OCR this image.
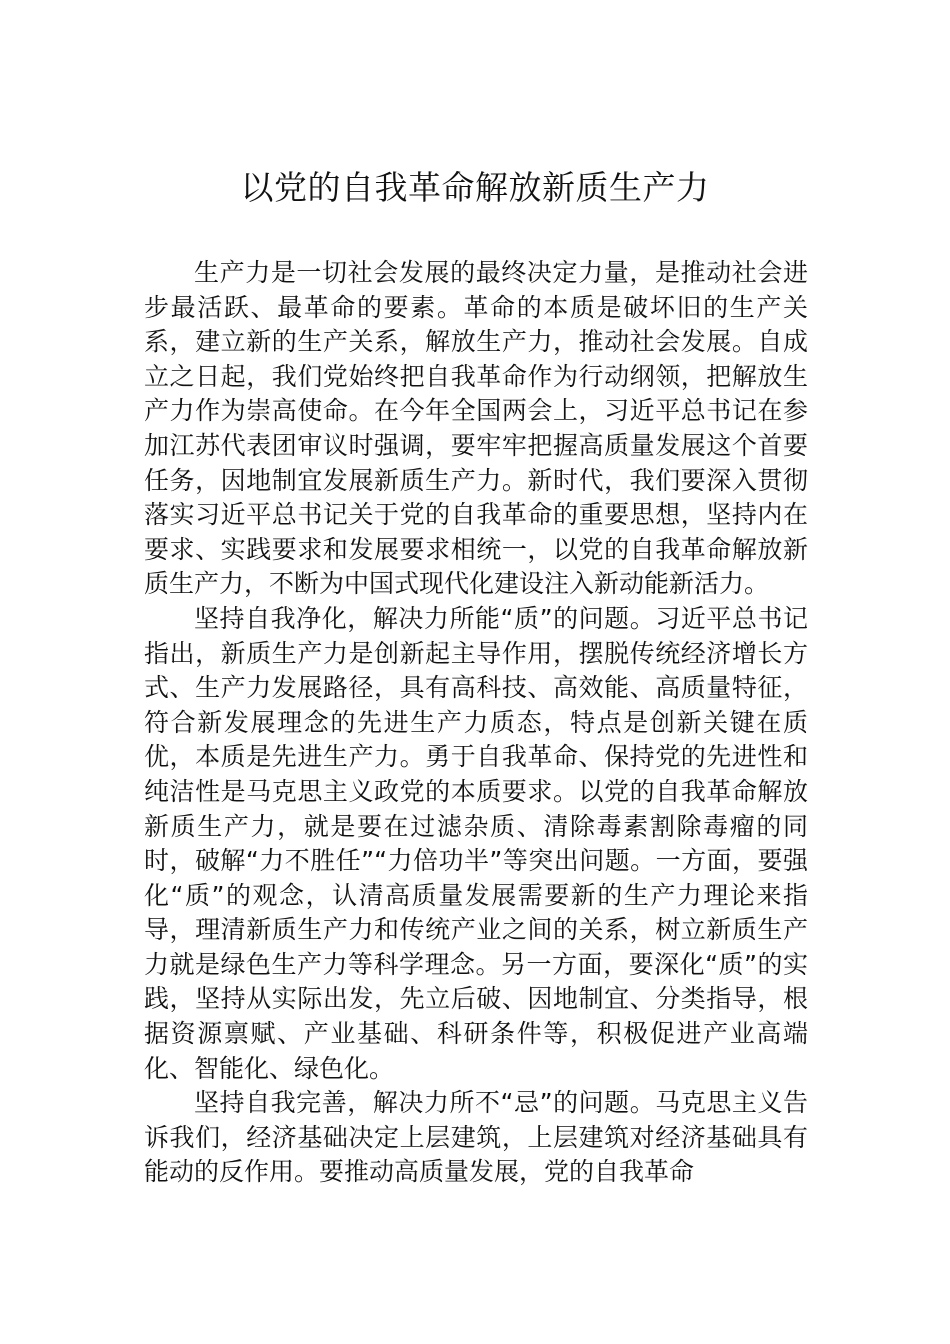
以党的自我革命解放新质生产力

生产力是一切社会发展的最终决定力量，是推动社会进步最活跃、最革命的要素。革命的本质是破坏旧的生产关系，建立新的生产关系，解放生产力，推动社会发展。自成立之日起，我们党始终把自我革命作为行动纲领，把解放生产力作为崇高使命。在今年全国两会上，习近平总书记在参加江苏代表团审议时强调，要牢牢把握高质量发展这个首要任务，因地制宜发展新质生产力。新时代，我们要深入贯彻落实习近平总书记关于党的自我革命的重要思想，坚持内在要求、实践要求和发展要求相统一，以党的自我革命解放新质生产力，不断为中国式现代化建设注入新动能新活力。

坚持自我净化，解决力所能“质”的问题。习近平总书记指出，新质生产力是创新起主导作用，摆脱传统经济增长方式、生产力发展路径，具有高科技、高效能、高质量特征，符合新发展理念的先进生产力质态，特点是创新关键在质优，本质是先进生产力。勇于自我革命、保持党的先进性和纯洁性是马克思主义政党的本质要求。以党的自我革命解放新质生产力，就是要在过滤杂质、清除毒素割除毒瘤的同时，破解“力不胜任”“力倍功半”等突出问题。一方面，要强化“质”的观念，认清高质量发展需要新的生产力理论来指导，理清新质生产力和传统产业之间的关系，树立新质生产力就是绿色生产力等科学理念。另一方面，要深化“质”的实践，坚持从实际出发，先立后破、因地制宜、分类指导，根据资源禀赋、产业基础、科研条件等，积极促进产业高端化、智能化、绿色化。

坚持自我完善，解决力所不“忌”的问题。马克思主义告诉我们，经济基础决定上层建筑，上层建筑对经济基础具有能动的反作用。要推动高质量发展，党的自我革命
